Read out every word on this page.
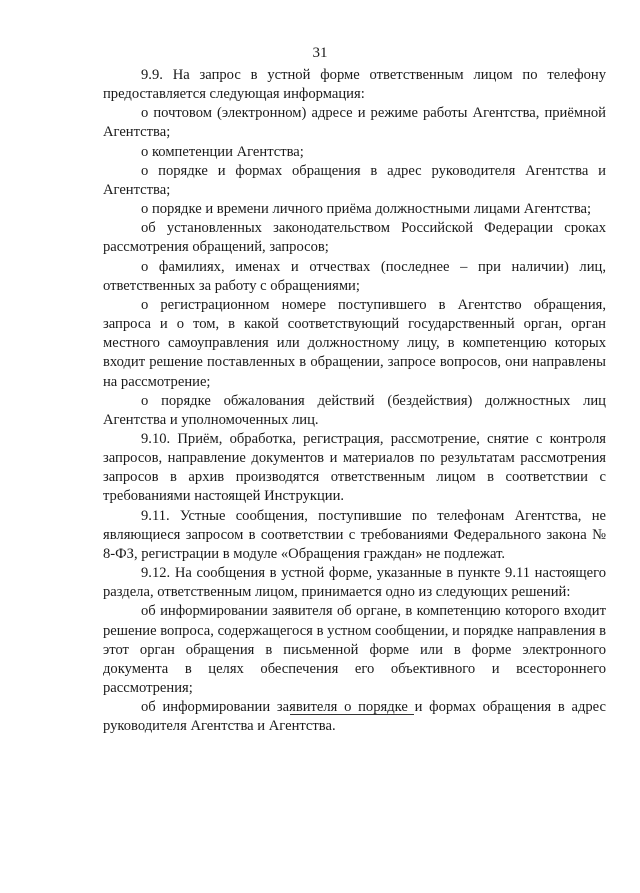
31

9.9. На запрос в устной форме ответственным лицом по телефону предоставляется следующая информация:

о почтовом (электронном) адресе и режиме работы Агентства, приёмной Агентства;

о компетенции Агентства;

о порядке и формах обращения в адрес руководителя Агентства и Агентства;

о порядке и времени личного приёма должностными лицами Агентства;

об установленных законодательством Российской Федерации сроках рассмотрения обращений, запросов;

о фамилиях, именах и отчествах (последнее – при наличии) лиц, ответственных за работу с обращениями;

о регистрационном номере поступившего в Агентство обращения, запроса и о том, в какой соответствующий государственный орган, орган местного самоуправления или должностному лицу, в компетенцию которых входит решение поставленных в обращении, запросе вопросов, они направлены на рассмотрение;

о порядке обжалования действий (бездействия) должностных лиц Агентства и уполномоченных лиц.

9.10. Приём, обработка, регистрация, рассмотрение, снятие с контроля запросов, направление документов и материалов по результатам рассмотрения запросов в архив производятся ответственным лицом в соответствии с требованиями настоящей Инструкции.

9.11. Устные сообщения, поступившие по телефонам Агентства, не являющиеся запросом в соответствии с требованиями Федерального закона № 8-ФЗ, регистрации в модуле «Обращения граждан» не подлежат.

9.12. На сообщения в устной форме, указанные в пункте 9.11 настоящего раздела, ответственным лицом, принимается одно из следующих решений:

об информировании заявителя об органе, в компетенцию которого входит решение вопроса, содержащегося в устном сообщении, и порядке направления в этот орган обращения в письменной форме или в форме электронного документа в целях обеспечения его объективного и всестороннего рассмотрения;

об информировании заявителя о порядке и формах обращения в адрес руководителя Агентства и Агентства.
